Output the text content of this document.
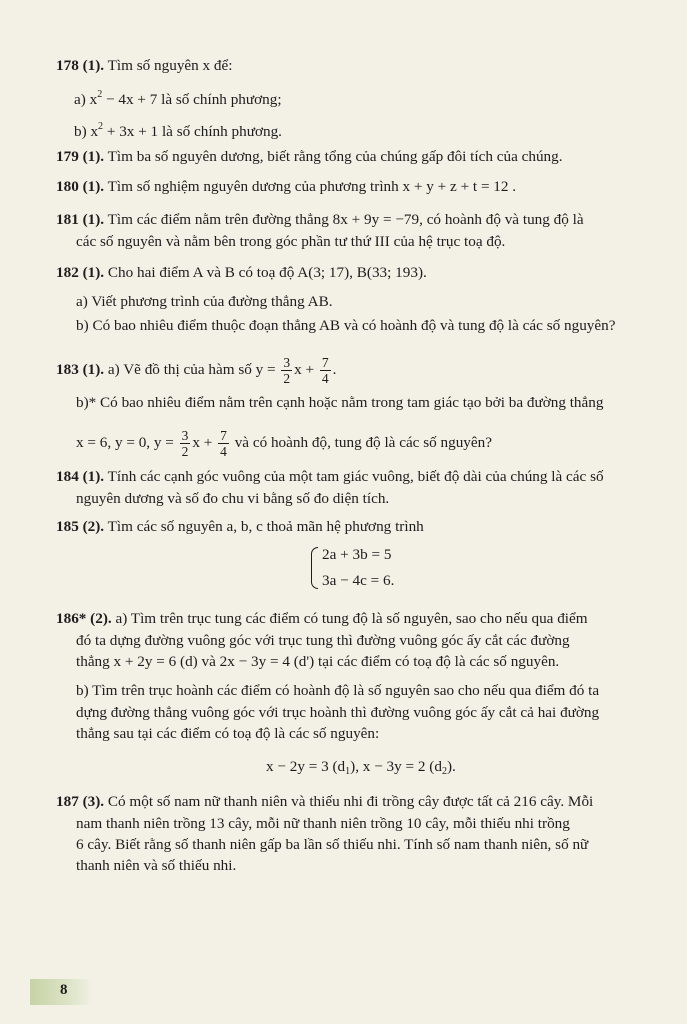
178 (1). Tìm số nguyên x để:
a) $x^2 - 4x + 7$ là số chính phương;
b) $x^2 + 3x + 1$ là số chính phương.
179 (1). Tìm ba số nguyên dương, biết rằng tổng của chúng gấp đôi tích của chúng.
180 (1). Tìm số nghiệm nguyên dương của phương trình x + y + z + t = 12 .
181 (1). Tìm các điểm nằm trên đường thẳng 8x + 9y = −79, có hoành độ và tung độ là
các số nguyên và nằm bên trong góc phần tư thứ III của hệ trục toạ độ.
182 (1). Cho hai điểm A và B có toạ độ A(3; 17), B(33; 193).
a) Viết phương trình của đường thẳng AB.
b) Có bao nhiêu điểm thuộc đoạn thẳng AB và có hoành độ và tung độ là các số nguyên?
183 (1). a) Vẽ đồ thị của hàm số $y = \frac{3}{2}$ $x + \frac{7}{4}$ .
b)* Có bao nhiêu điểm nằm trên cạnh hoặc nằm trong tam giác tạo bởi ba đường thẳng
x = 6, y = 0, $y = \frac{3}{2}$ $x + \frac{7}{4}$ và có hoành độ, tung độ là các số nguyên?
184 (1). Tính các cạnh góc vuông của một tam giác vuông, biết độ dài của chúng là các số
nguyên dương và số đo chu vi bằng số đo diện tích.
185 (2). Tìm các số nguyên a, b, c thoả mãn hệ phương trình
2a + 3b = 5
3a − 4c = 6.
186* (2). a) Tìm trên trục tung các điểm có tung độ là số nguyên, sao cho nếu qua điểm
đó ta dựng đường vuông góc với trục tung thì đường vuông góc ấy cắt các đường
thẳng x + 2y = 6 (d) và 2x − 3y = 4 (d') tại các điểm có toạ độ là các số nguyên.
b) Tìm trên trục hoành các điểm có hoành độ là số nguyên sao cho nếu qua điểm đó ta
dựng đường thẳng vuông góc với trục hoành thì đường vuông góc ấy cắt cả hai đường
thẳng sau tại các điểm có toạ độ là các số nguyên:
x − 2y = 3 $(d_1)$, x − 3y = 2 $(d_2)$.
187 (3). Có một số nam nữ thanh niên và thiếu nhi đi trồng cây được tất cả 216 cây. Mỗi
nam thanh niên trồng 13 cây, mỗi nữ thanh niên trồng 10 cây, mỗi thiếu nhi trồng
6 cây. Biết rằng số thanh niên gấp ba lần số thiếu nhi. Tính số nam thanh niên, số nữ
thanh niên và số thiếu nhi.
8
